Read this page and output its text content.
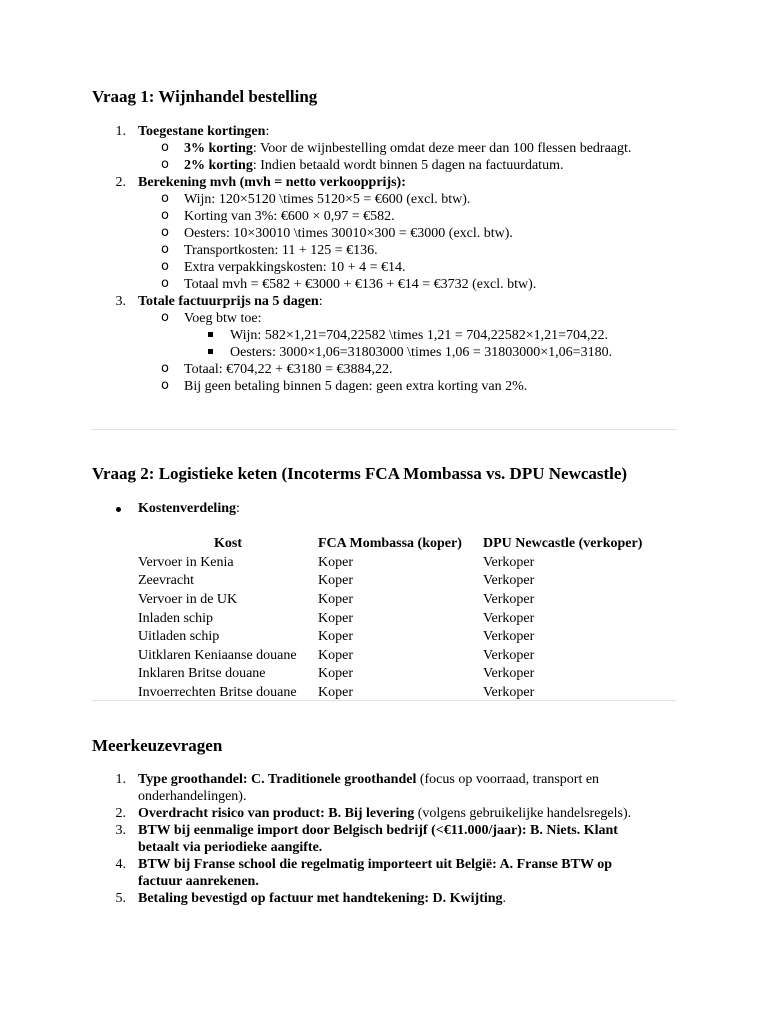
Vraag 1: Wijnhandel bestelling
1. Toegestane kortingen:
o 3% korting: Voor de wijnbestelling omdat deze meer dan 100 flessen bedraagt.
o 2% korting: Indien betaald wordt binnen 5 dagen na factuurdatum.
2. Berekening mvh (mvh = netto verkoopprijs):
o Wijn: 120×5120 \times 5120×5 = €600 (excl. btw).
o Korting van 3%: €600 × 0,97 = €582.
o Oesters: 10×30010 \times 30010×300 = €3000 (excl. btw).
o Transportkosten: 11 + 125 = €136.
o Extra verpakkingskosten: 10 + 4 = €14.
o Totaal mvh = €582 + €3000 + €136 + €14 = €3732 (excl. btw).
3. Totale factuurprijs na 5 dagen:
o Voeg btw toe:
Wijn: 582×1,21=704,22582 \times 1,21 = 704,22582×1,21=704,22.
Oesters: 3000×1,06=31803000 \times 1,06 = 31803000×1,06=3180.
o Totaal: €704,22 + €3180 = €3884,22.
o Bij geen betaling binnen 5 dagen: geen extra korting van 2%.
Vraag 2: Logistieke keten (Incoterms FCA Mombassa vs. DPU Newcastle)
Kostenverdeling:
Kost	FCA Mombassa (koper)	DPU Newcastle (verkoper)
Vervoer in Kenia	Koper	Verkoper
Zeevracht	Koper	Verkoper
Vervoer in de UK	Koper	Verkoper
Inladen schip	Koper	Verkoper
Uitladen schip	Koper	Verkoper
Uitklaren Keniaanse douane	Koper	Verkoper
Inklaren Britse douane	Koper	Verkoper
Invoerrechten Britse douane	Koper	Verkoper
Meerkeuzevragen
1. Type groothandel: C. Traditionele groothandel (focus op voorraad, transport en onderhandelingen).
2. Overdracht risico van product: B. Bij levering (volgens gebruikelijke handelsregels).
3. BTW bij eenmalige import door Belgisch bedrijf (<€11.000/jaar): B. Niets. Klant betaalt via periodieke aangifte.
4. BTW bij Franse school die regelmatig importeert uit België: A. Franse BTW op factuur aanrekenen.
5. Betaling bevestigd op factuur met handtekening: D. Kwijting.
